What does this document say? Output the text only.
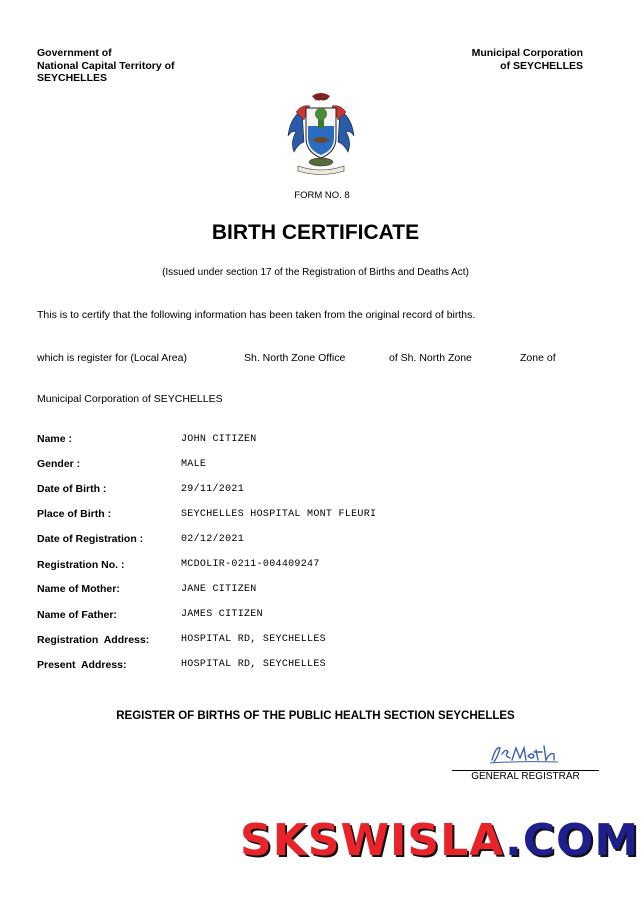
Government of
National Capital Territory of
SEYCHELLES
Municipal Corporation
of SEYCHELLES
FORM NO. 8
BIRTH CERTIFICATE
(Issued under section 17 of the Registration of Births and Deaths Act)
This is to certify that the following information has been taken from the original record of births.
which is register for (Local Area)	Sh. North Zone Office	of Sh. North Zone	Zone of
Municipal Corporation of SEYCHELLES
Name :	JOHN CITIZEN
Gender :	MALE
Date of Birth :	29/11/2021
Place of Birth :	SEYCHELLES HOSPITAL MONT FLEURI
Date of Registration :	02/12/2021
Registration No. :	MCDOLIR-0211-004409247
Name of Mother:	JANE CITIZEN
Name of Father:	JAMES CITIZEN
Registration  Address:	HOSPITAL RD, SEYCHELLES
Present  Address:	HOSPITAL RD, SEYCHELLES
REGISTER OF BIRTHS OF THE PUBLIC HEALTH SECTION SEYCHELLES
GENERAL REGISTRAR
SKSWISLA.COM
